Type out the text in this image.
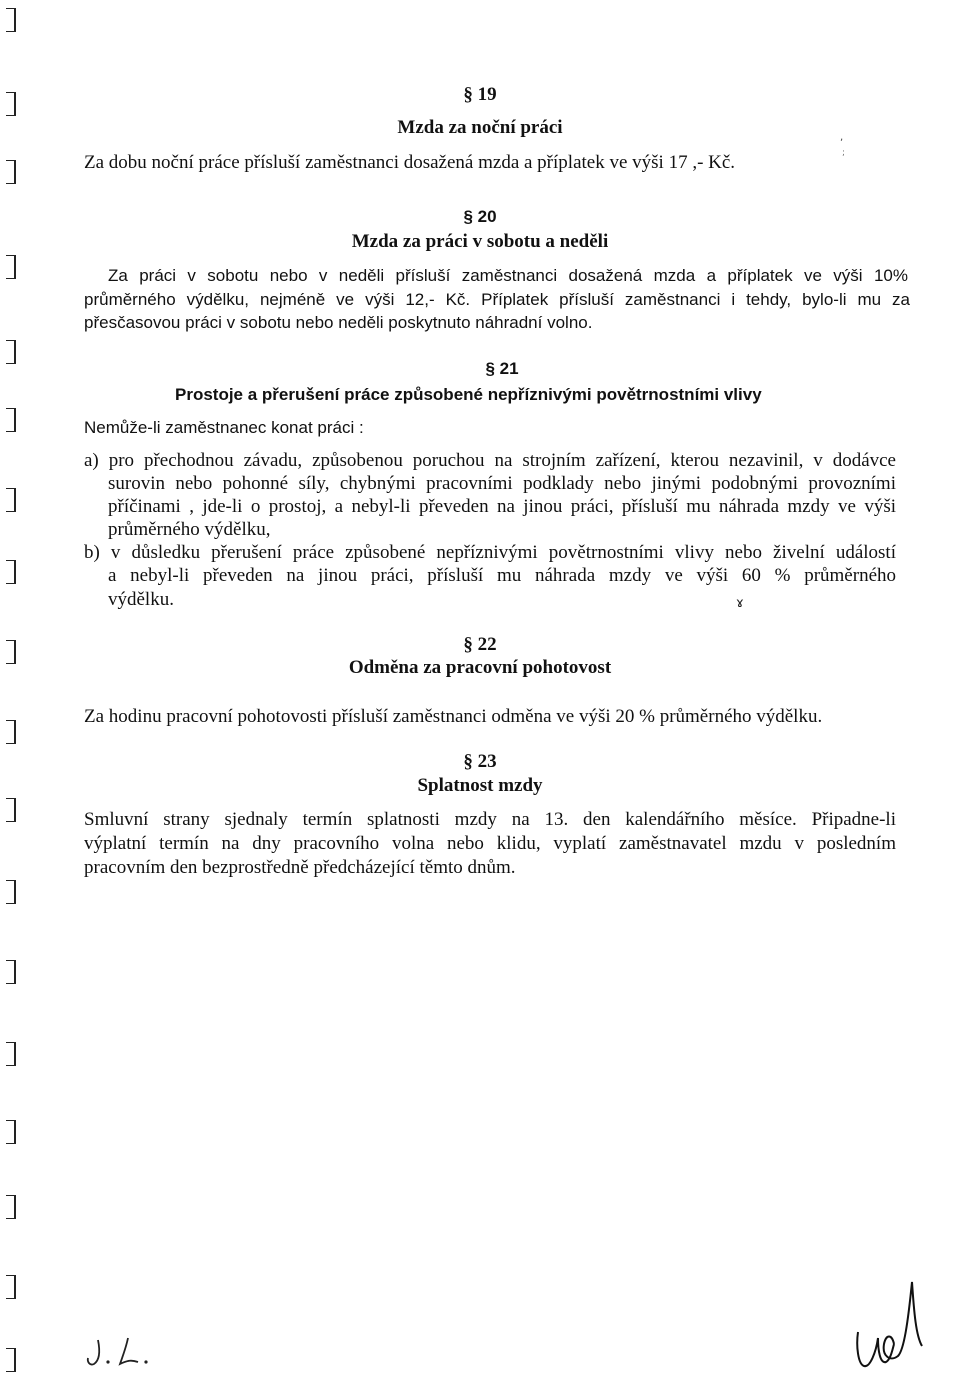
§ 19
Mzda za noční práci
Za dobu noční práce přísluší zaměstnanci dosažená mzda a příplatek ve výši 17 ,- Kč.
,
;
§ 20
Mzda za práci v sobotu a neděli
Za práci v sobotu nebo v neděli přísluší zaměstnanci dosažená mzda a příplatek ve výši 10%
průměrného výdělku, nejméně ve výši 12,- Kč. Příplatek přísluší zaměstnanci i tehdy, bylo-li mu za
přesčasovou práci v sobotu nebo neděli poskytnuto náhradní volno.
§ 21
Prostoje a přerušení práce způsobené nepříznivými povětrnostními vlivy
Nemůže-li zaměstnanec konat práci :
a) pro přechodnou závadu, způsobenou poruchou na strojním zařízení, kterou nezavinil, v dodávce
surovin nebo pohonné síly, chybnými pracovními podklady nebo jinými podobnými provozními
příčinami , jde-li o prostoj, a nebyl-li převeden na jinou práci, přísluší mu náhrada mzdy ve výši
průměrného výdělku,
b) v důsledku přerušení práce způsobené nepříznivými povětrnostními vlivy nebo živelní událostí
a nebyl-li převeden na jinou práci, přísluší mu náhrada mzdy ve výši 60 % průměrného
výdělku.	ɤ
§ 22
Odměna za pracovní pohotovost
Za hodinu pracovní pohotovosti přísluší zaměstnanci odměna ve výši 20 % průměrného výdělku.
§ 23
Splatnost mzdy
Smluvní strany sjednaly termín splatnosti mzdy na 13. den kalendářního měsíce. Připadne-li
výplatní termín na dny pracovního volna nebo klidu, vyplatí zaměstnavatel mzdu v posledním
pracovním den bezprostředně předcházející těmto dnům.
